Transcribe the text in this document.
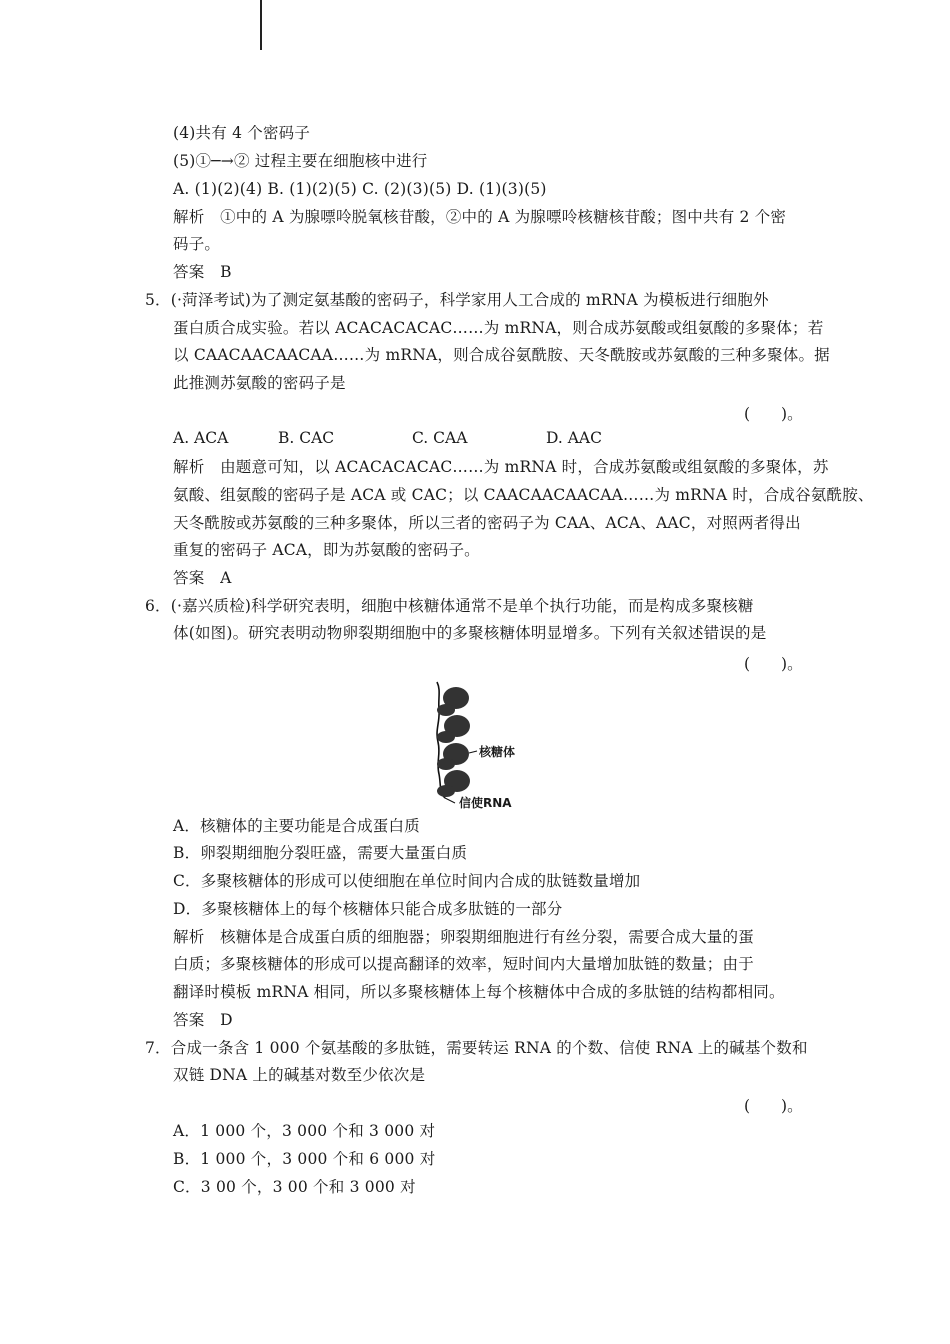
(4)共有 4 个密码子
(5)①─→② 过程主要在细胞核中进行
A. (1)(2)(4) B. (1)(2)(5) C. (2)(3)(5) D. (1)(3)(5)
解析　①中的 A 为腺嘌呤脱氧核苷酸，②中的 A 为腺嘌呤核糖核苷酸；图中共有 2 个密
码子。
答案　B
5．(·菏泽考试)为了测定氨基酸的密码子，科学家用人工合成的 mRNA 为模板进行细胞外
蛋白质合成实验。若以 ACACACACAC……为 mRNA，则合成苏氨酸或组氨酸的多聚体；若
以 CAACAACAACAA……为 mRNA，则合成谷氨酰胺、天冬酰胺或苏氨酸的三种多聚体。据
此推测苏氨酸的密码子是
(　　)。
A. ACA	B. CAC	C. CAA	D. AAC
解析　由题意可知，以 ACACACACAC……为 mRNA 时，合成苏氨酸或组氨酸的多聚体，苏
氨酸、组氨酸的密码子是 ACA 或 CAC；以 CAACAACAACAA……为 mRNA 时，合成谷氨酰胺、
天冬酰胺或苏氨酸的三种多聚体，所以三者的密码子为 CAA、ACA、AAC，对照两者得出
重复的密码子 ACA，即为苏氨酸的密码子。
答案　A
6．(·嘉兴质检)科学研究表明，细胞中核糖体通常不是单个执行功能，而是构成多聚核糖
体(如图)。研究表明动物卵裂期细胞中的多聚核糖体明显增多。下列有关叙述错误的是
(　　)。
核糖体
信使RNA
A．核糖体的主要功能是合成蛋白质
B．卵裂期细胞分裂旺盛，需要大量蛋白质
C．多聚核糖体的形成可以使细胞在单位时间内合成的肽链数量增加
D．多聚核糖体上的每个核糖体只能合成多肽链的一部分
解析　核糖体是合成蛋白质的细胞器；卵裂期细胞进行有丝分裂，需要合成大量的蛋
白质；多聚核糖体的形成可以提高翻译的效率，短时间内大量增加肽链的数量；由于
翻译时模板 mRNA 相同，所以多聚核糖体上每个核糖体中合成的多肽链的结构都相同。
答案　D
7．合成一条含 1 000 个氨基酸的多肽链，需要转运 RNA 的个数、信使 RNA 上的碱基个数和
双链 DNA 上的碱基对数至少依次是
(　　)。
A．1 000 个，3 000 个和 3 000 对
B．1 000 个，3 000 个和 6 000 对
C．3 00 个，3 00 个和 3 000 对
